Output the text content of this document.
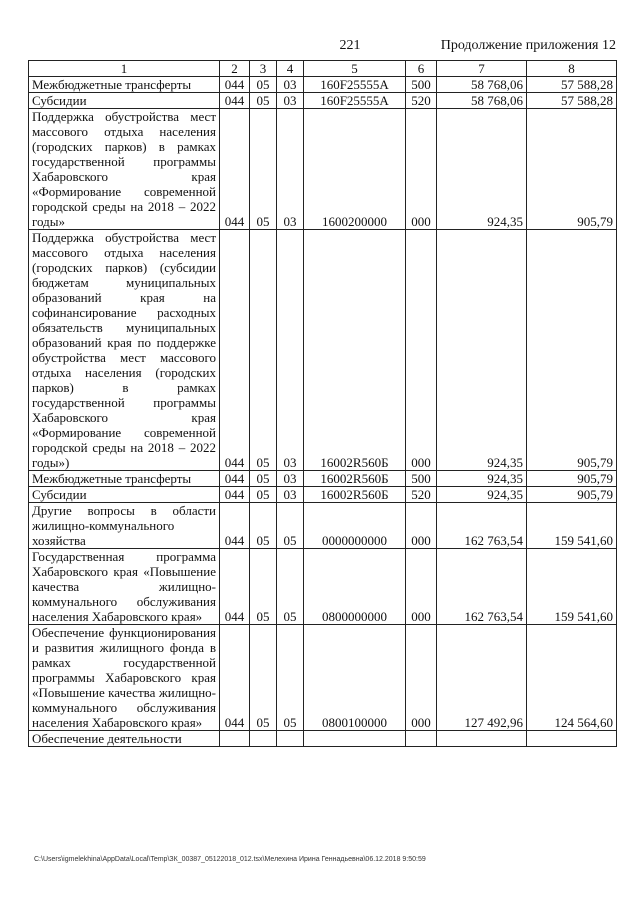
221	Продолжение приложения 12
1	2	3	4	5	6	7	8
Межбюджетные трансферты	044	05	03	160F25555A	500	58 768,06	57 588,28
Субсидии	044	05	03	160F25555A	520	58 768,06	57 588,28
Поддержка обустройства мест массового отдыха населения (городских парков) в рамках государственной программы Хабаровского края «Формирование современной городской среды на 2018 – 2022 годы»	044	05	03	1600200000	000	924,35	905,79
Поддержка обустройства мест массового отдыха населения (городских парков) (субсидии бюджетам муниципальных образований края на софинансирование расходных обязательств муниципальных образований края по поддержке обустройства мест массового отдыха населения (городских парков) в рамках государственной программы Хабаровского края «Формирование современной городской среды на 2018 – 2022 годы»)	044	05	03	16002R560Б	000	924,35	905,79
Межбюджетные трансферты	044	05	03	16002R560Б	500	924,35	905,79
Субсидии	044	05	03	16002R560Б	520	924,35	905,79
Другие вопросы в области жилищно-коммунального хозяйства	044	05	05	0000000000	000	162 763,54	159 541,60
Государственная программа Хабаровского края «Повышение качества жилищно-коммунального обслуживания населения Хабаровского края»	044	05	05	0800000000	000	162 763,54	159 541,60
Обеспечение функционирования и развития жилищного фонда в рамках государственной программы Хабаровского края «Повышение качества жилищно-коммунального обслуживания населения Хабаровского края»	044	05	05	0800100000	000	127 492,96	124 564,60
Обеспечение деятельности							
C:\Users\igmelekhina\AppData\Local\Temp\ЗК_00387_05122018_012.tsx\Мелехина Ирина Геннадьевна\06.12.2018 9:50:59
